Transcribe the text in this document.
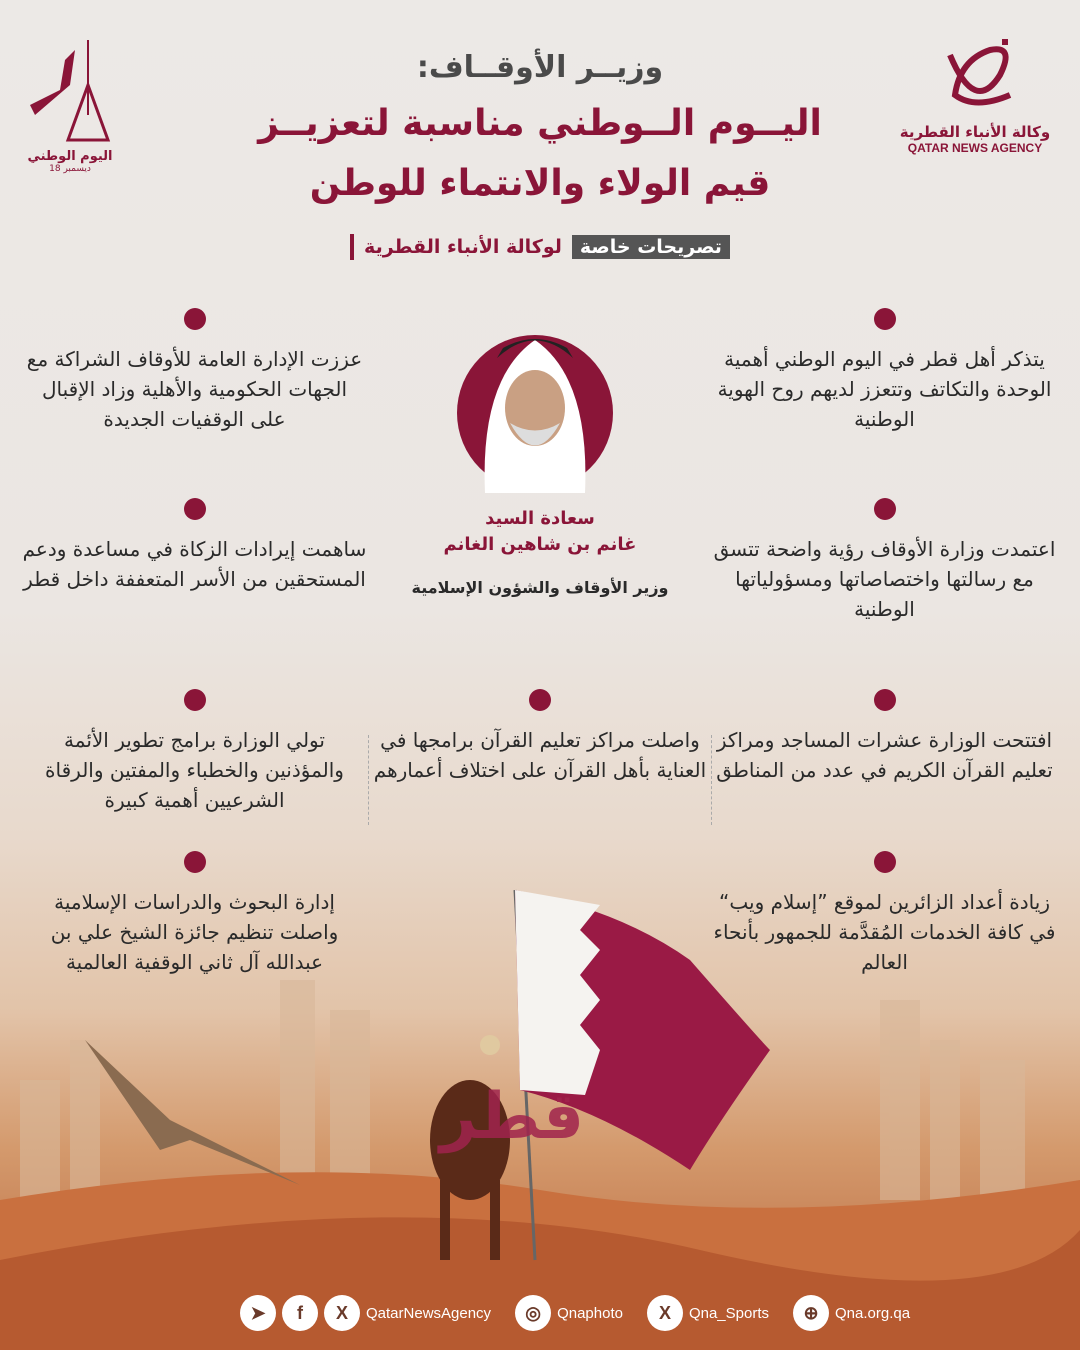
اليوم الوطني
18 ديسمبر
وكالة الأنباء القطرية
QATAR NEWS AGENCY
وزيــر الأوقــاف:
اليــوم الــوطني مناسبة لتعزيــز
قيم الولاء والانتماء للوطن
تصريحات خاصة
لوكالة الأنباء القطرية
سعادة السيد
غانم بن شاهين الغانم
وزير الأوقاف والشؤون الإسلامية
يتذكر أهل قطر في اليوم الوطني أهمية الوحدة والتكاتف وتتعزز لديهم روح الهوية الوطنية
عززت الإدارة العامة للأوقاف الشراكة مع الجهات الحكومية والأهلية وزاد الإقبال على الوقفيات الجديدة
اعتمدت وزارة الأوقاف رؤية واضحة تتسق مع رسالتها واختصاصاتها ومسؤولياتها الوطنية
ساهمت إيرادات الزكاة في مساعدة ودعم المستحقين من الأسر المتعففة داخل قطر
افتتحت الوزارة عشرات المساجد ومراكز تعليم القرآن الكريم في عدد من المناطق
واصلت مراكز تعليم القرآن برامجها في العناية بأهل القرآن على اختلاف أعمارهم
تولي الوزارة برامج تطوير الأئمة والمؤذنين والخطباء والمفتين والرقاة الشرعيين أهمية كبيرة
زيادة أعداد الزائرين لموقع ”إسلام ويب“ في كافة الخدمات المُقدَّمة للجمهور بأنحاء العالم
إدارة البحوث والدراسات الإسلامية واصلت تنظيم جائزة الشيخ علي بن عبدالله آل ثاني الوقفية العالمية
قطر
➤	f	X	QatarNewsAgency	◎	Qnaphoto	X	Qna_Sports	⊕	Qna.org.qa
